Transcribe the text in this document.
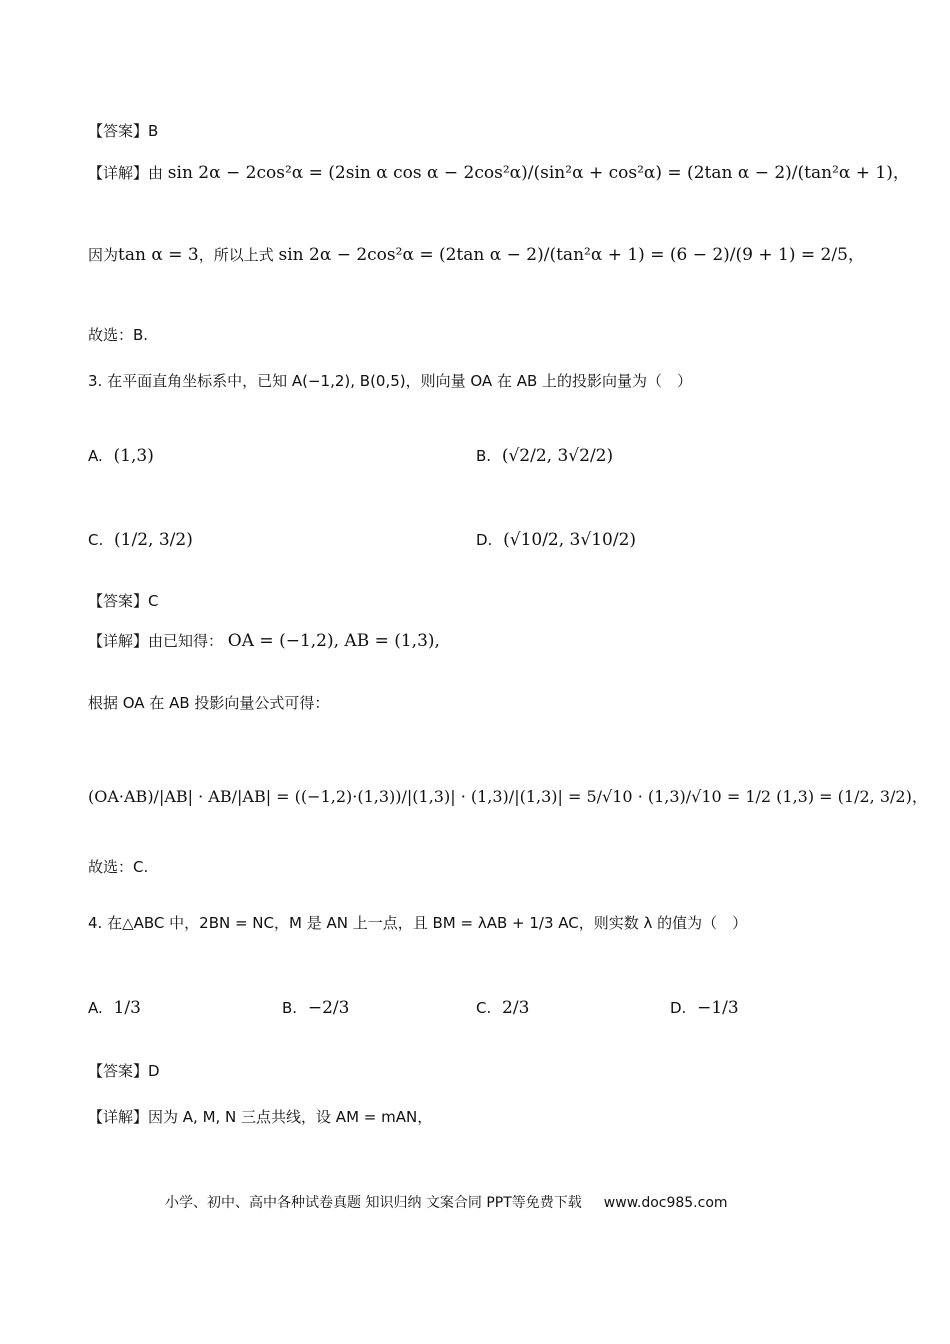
【答案】B
【详解】由 sin 2α − 2cos²α = (2sin α cos α − 2cos²α)/(sin²α + cos²α) = (2tan α − 2)/(tan²α + 1)，
因为tan α = 3，所以上式 sin 2α − 2cos²α = (2tan α − 2)/(tan²α + 1) = (6 − 2)/(9 + 1) = 2/5，
故选：B.
3. 在平面直角坐标系中，已知 A(−1,2), B(0,5)，则向量 OA 在 AB 上的投影向量为（　）
A. (1,3)	B. (√2/2, 3√2/2)
C. (1/2, 3/2)	D. (√10/2, 3√10/2)
【答案】C
【详解】由已知得： OA = (−1,2), AB = (1,3),
根据 OA 在 AB 投影向量公式可得：
(OA·AB)/|AB| · AB/|AB| = ((−1,2)·(1,3))/|(1,3)| · (1,3)/|(1,3)| = 5/√10 · (1,3)/√10 = 1/2 (1,3) = (1/2, 3/2)，
故选：C.
4. 在△ABC 中，2BN = NC，M 是 AN 上一点，且 BM = λAB + 1/3 AC，则实数 λ 的值为（　）
A. 1/3	B. −2/3	C. 2/3	D. −1/3
【答案】D
【详解】因为 A, M, N 三点共线，设 AM = mAN，
小学、初中、高中各种试卷真题 知识归纳 文案合同 PPT等免费下载 www.doc985.com
